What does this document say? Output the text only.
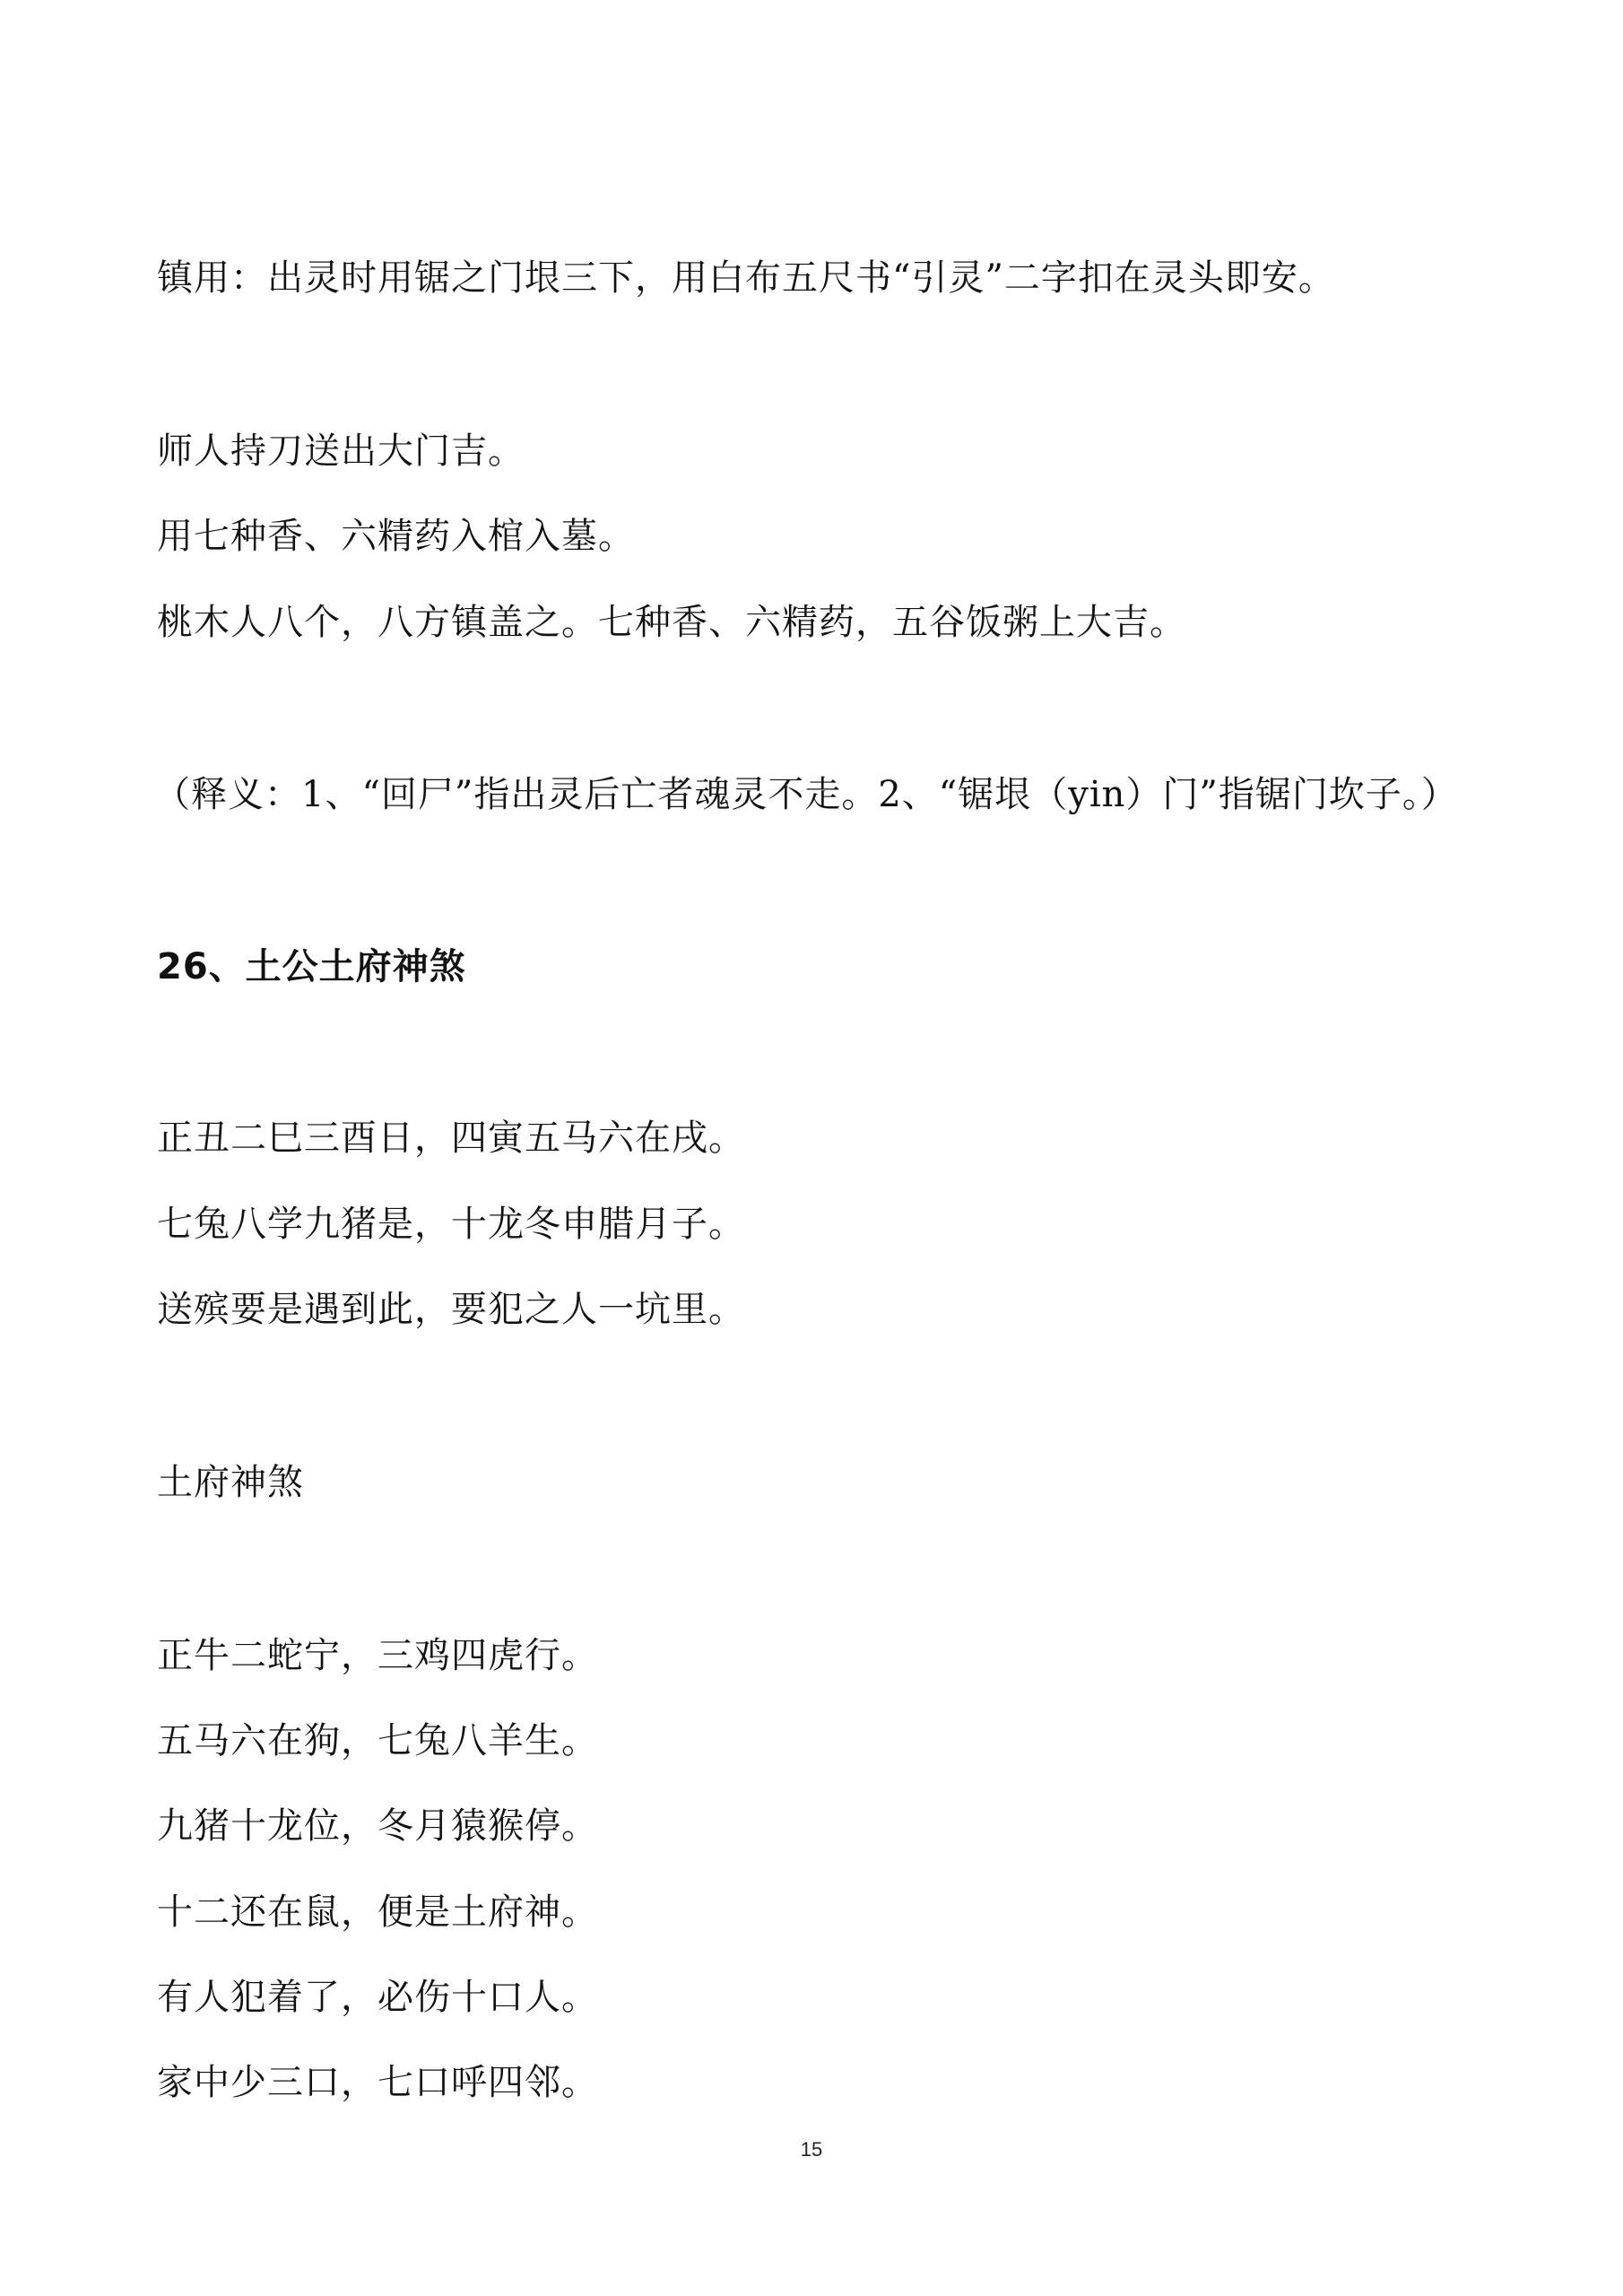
镇用：出灵时用锯之门垠三下，用白布五尺书“引灵”二字扣在灵头即安。

师人持刀送出大门吉。

用七种香、六精药入棺入墓。

桃木人八个，八方镇盖之。七种香、六精药，五谷饭粥上大吉。

（释义：1、“回尸”指出灵后亡者魂灵不走。2、“锯垠（yin）门”指锯门坎子。）

26、土公土府神煞

正丑二巳三酉日，四寅五马六在戌。

七兔八学九猪是，十龙冬申腊月子。

送殡要是遇到此，要犯之人一坑里。

土府神煞

正牛二蛇宁，三鸡四虎行。

五马六在狗，七兔八羊生。

九猪十龙位，冬月猿猴停。

十二还在鼠，便是土府神。

有人犯着了，必伤十口人。

家中少三口，七口呼四邻。

15
